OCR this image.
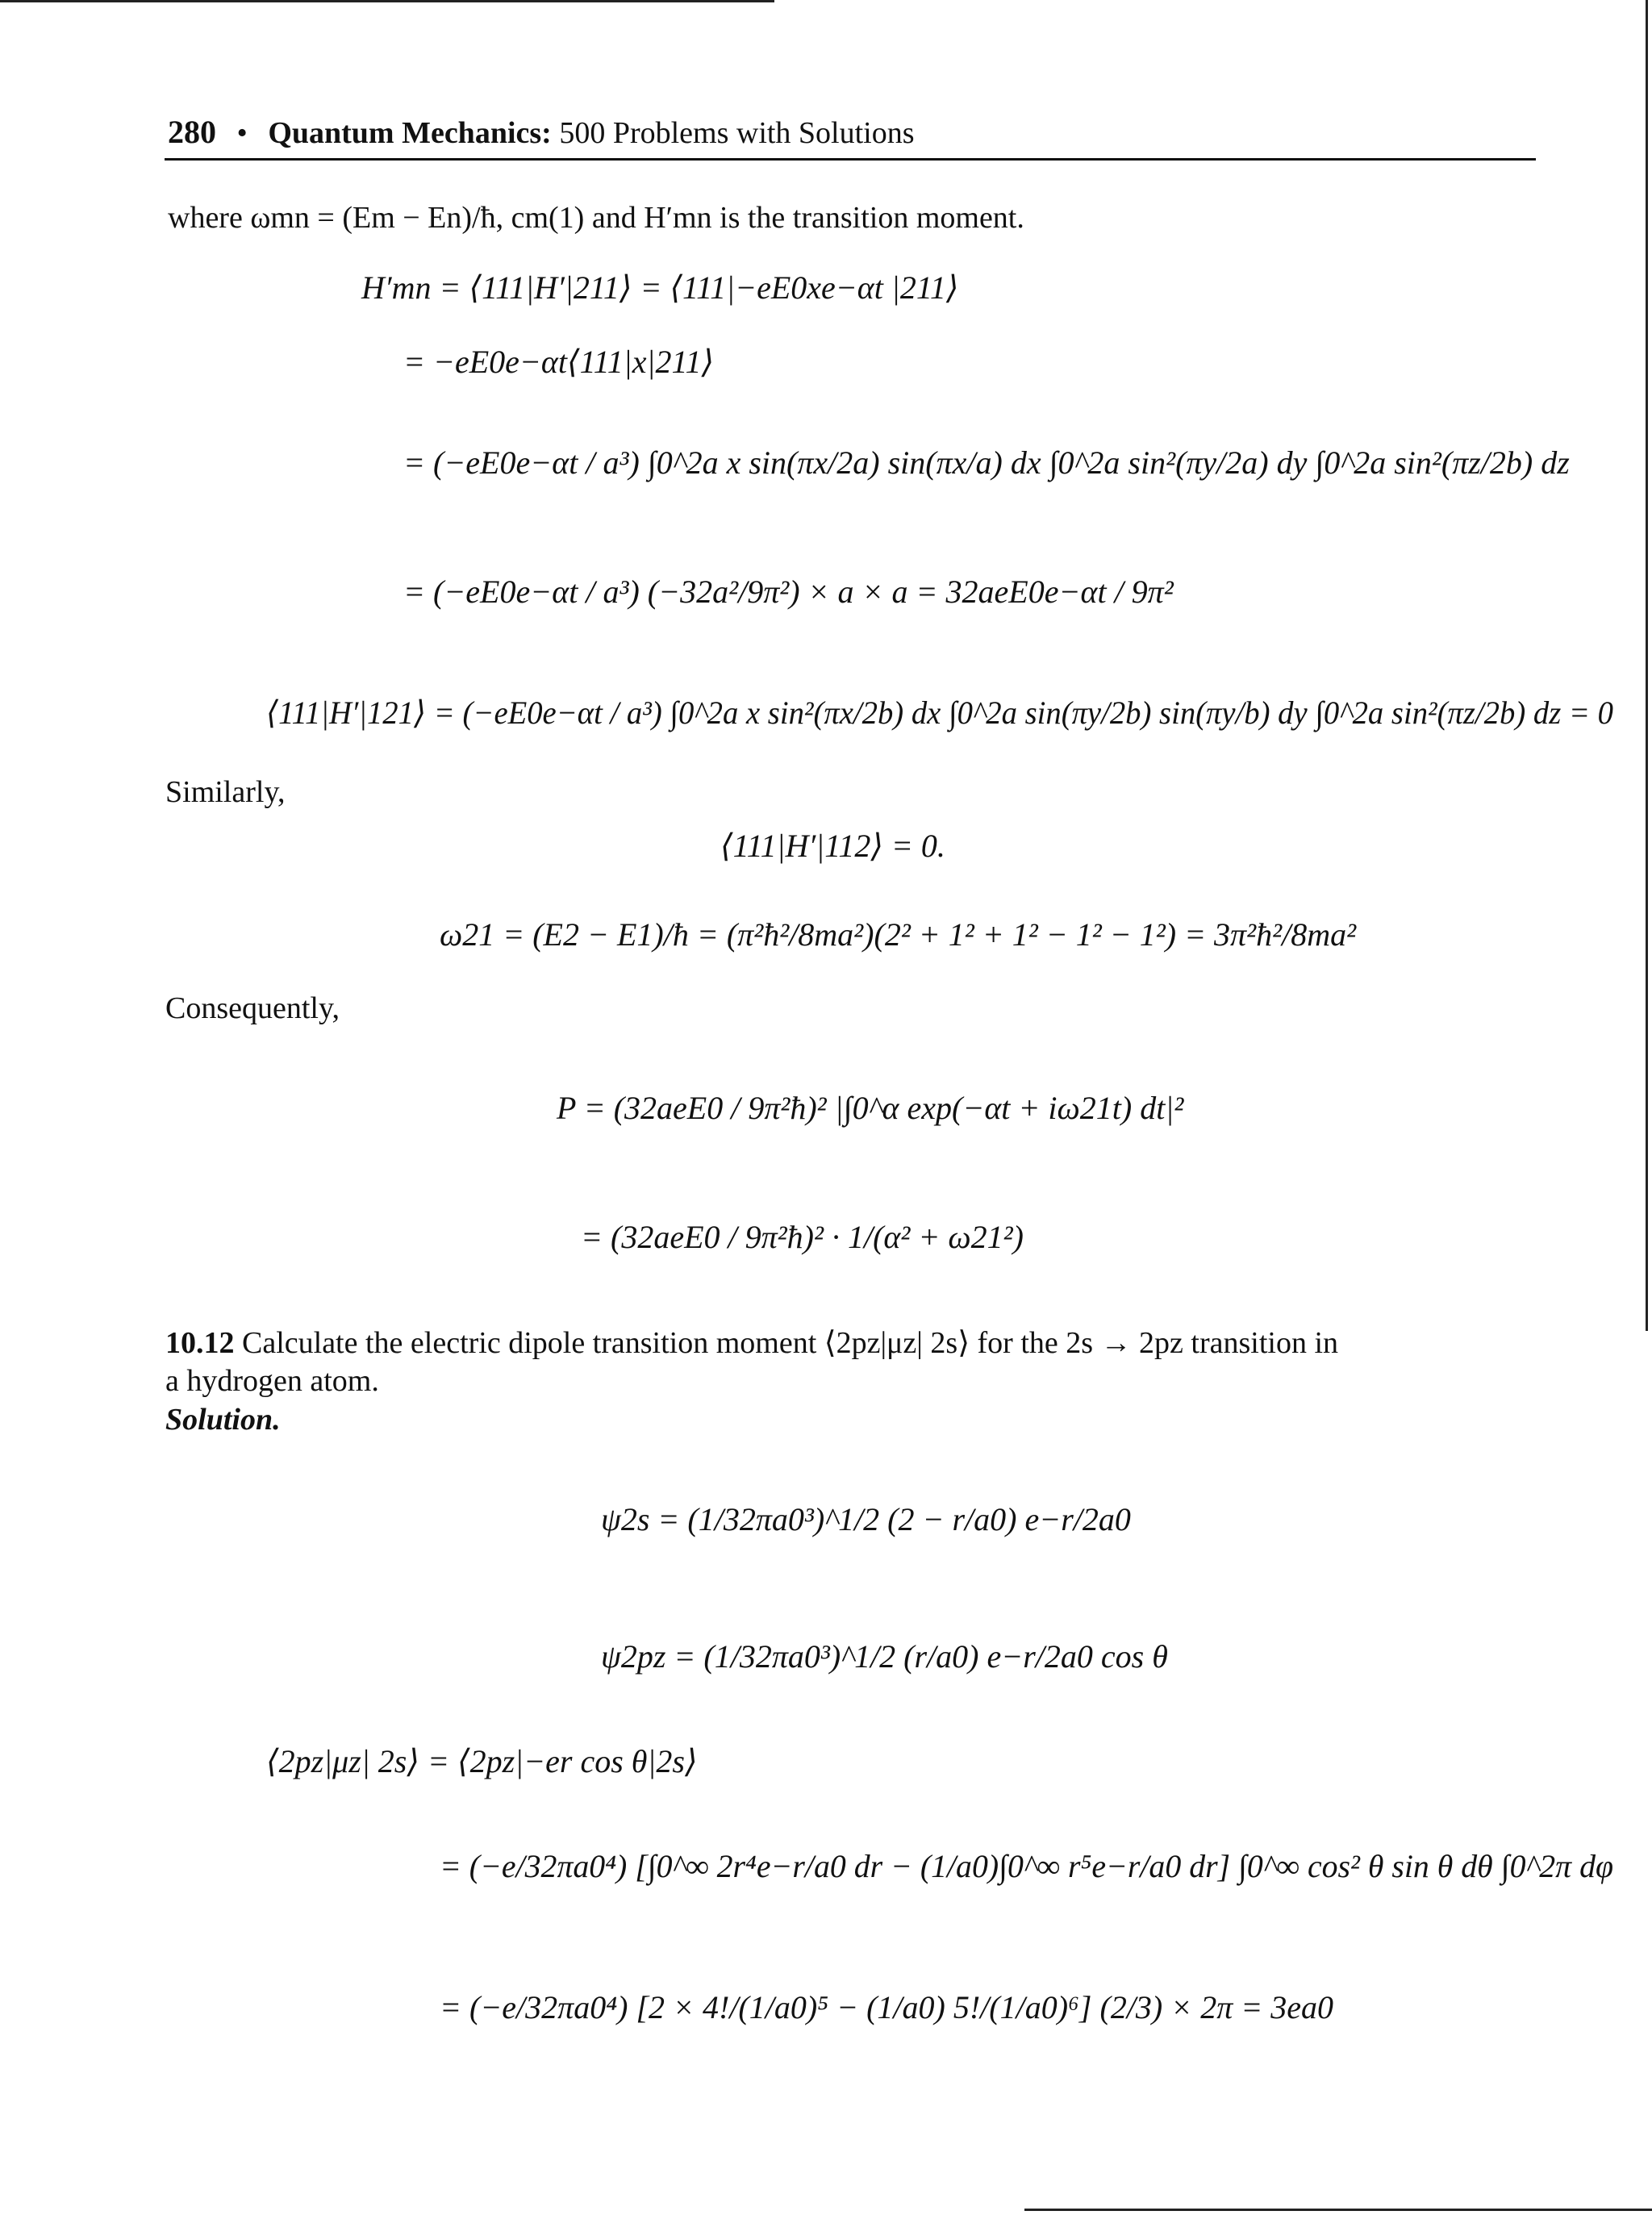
280 • Quantum Mechanics: 500 Problems with Solutions
where ωmn = (Em − En)/ħ, cm(1) and H′mn is the transition moment.
H′mn = ⟨111|H′|211⟩ = ⟨111|−eE0xe−αt |211⟩
= −eE0e−αt⟨111|x|211⟩
= (−eE0e−αt / a³) ∫0^2a x sin(πx/2a) sin(πx/a) dx ∫0^2a sin²(πy/2a) dy ∫0^2a sin²(πz/2b) dz
= (−eE0e−αt / a³) (−32a²/9π²) × a × a = 32aeE0e−αt / 9π²
⟨111|H′|121⟩ = (−eE0e−αt / a³) ∫0^2a x sin²(πx/2b) dx ∫0^2a sin(πy/2b) sin(πy/b) dy ∫0^2a sin²(πz/2b) dz = 0
Similarly,
⟨111|H′|112⟩ = 0.
ω21 = (E2 − E1)/ħ = (π²ħ²/8ma²)(2² + 1² + 1² − 1² − 1²) = 3π²ħ²/8ma²
Consequently,
P = (32aeE0 / 9π²ħ)² |∫0^α exp(−αt + iω21t) dt|²
= (32aeE0 / 9π²ħ)² · 1/(α² + ω21²)
10.12 Calculate the electric dipole transition moment ⟨2pz|μz| 2s⟩ for the 2s → 2pz transition in
a hydrogen atom.
Solution.
ψ2s = (1/32πa0³)^1/2 (2 − r/a0) e−r/2a0
ψ2pz = (1/32πa0³)^1/2 (r/a0) e−r/2a0 cos θ
⟨2pz|μz| 2s⟩ = ⟨2pz|−er cos θ|2s⟩
= (−e/32πa0⁴) [∫0^∞ 2r⁴e−r/a0 dr − (1/a0)∫0^∞ r⁵e−r/a0 dr] ∫0^∞ cos² θ sin θ dθ ∫0^2π dφ
= (−e/32πa0⁴) [2 × 4!/(1/a0)⁵ − (1/a0) 5!/(1/a0)⁶] (2/3) × 2π = 3ea0
